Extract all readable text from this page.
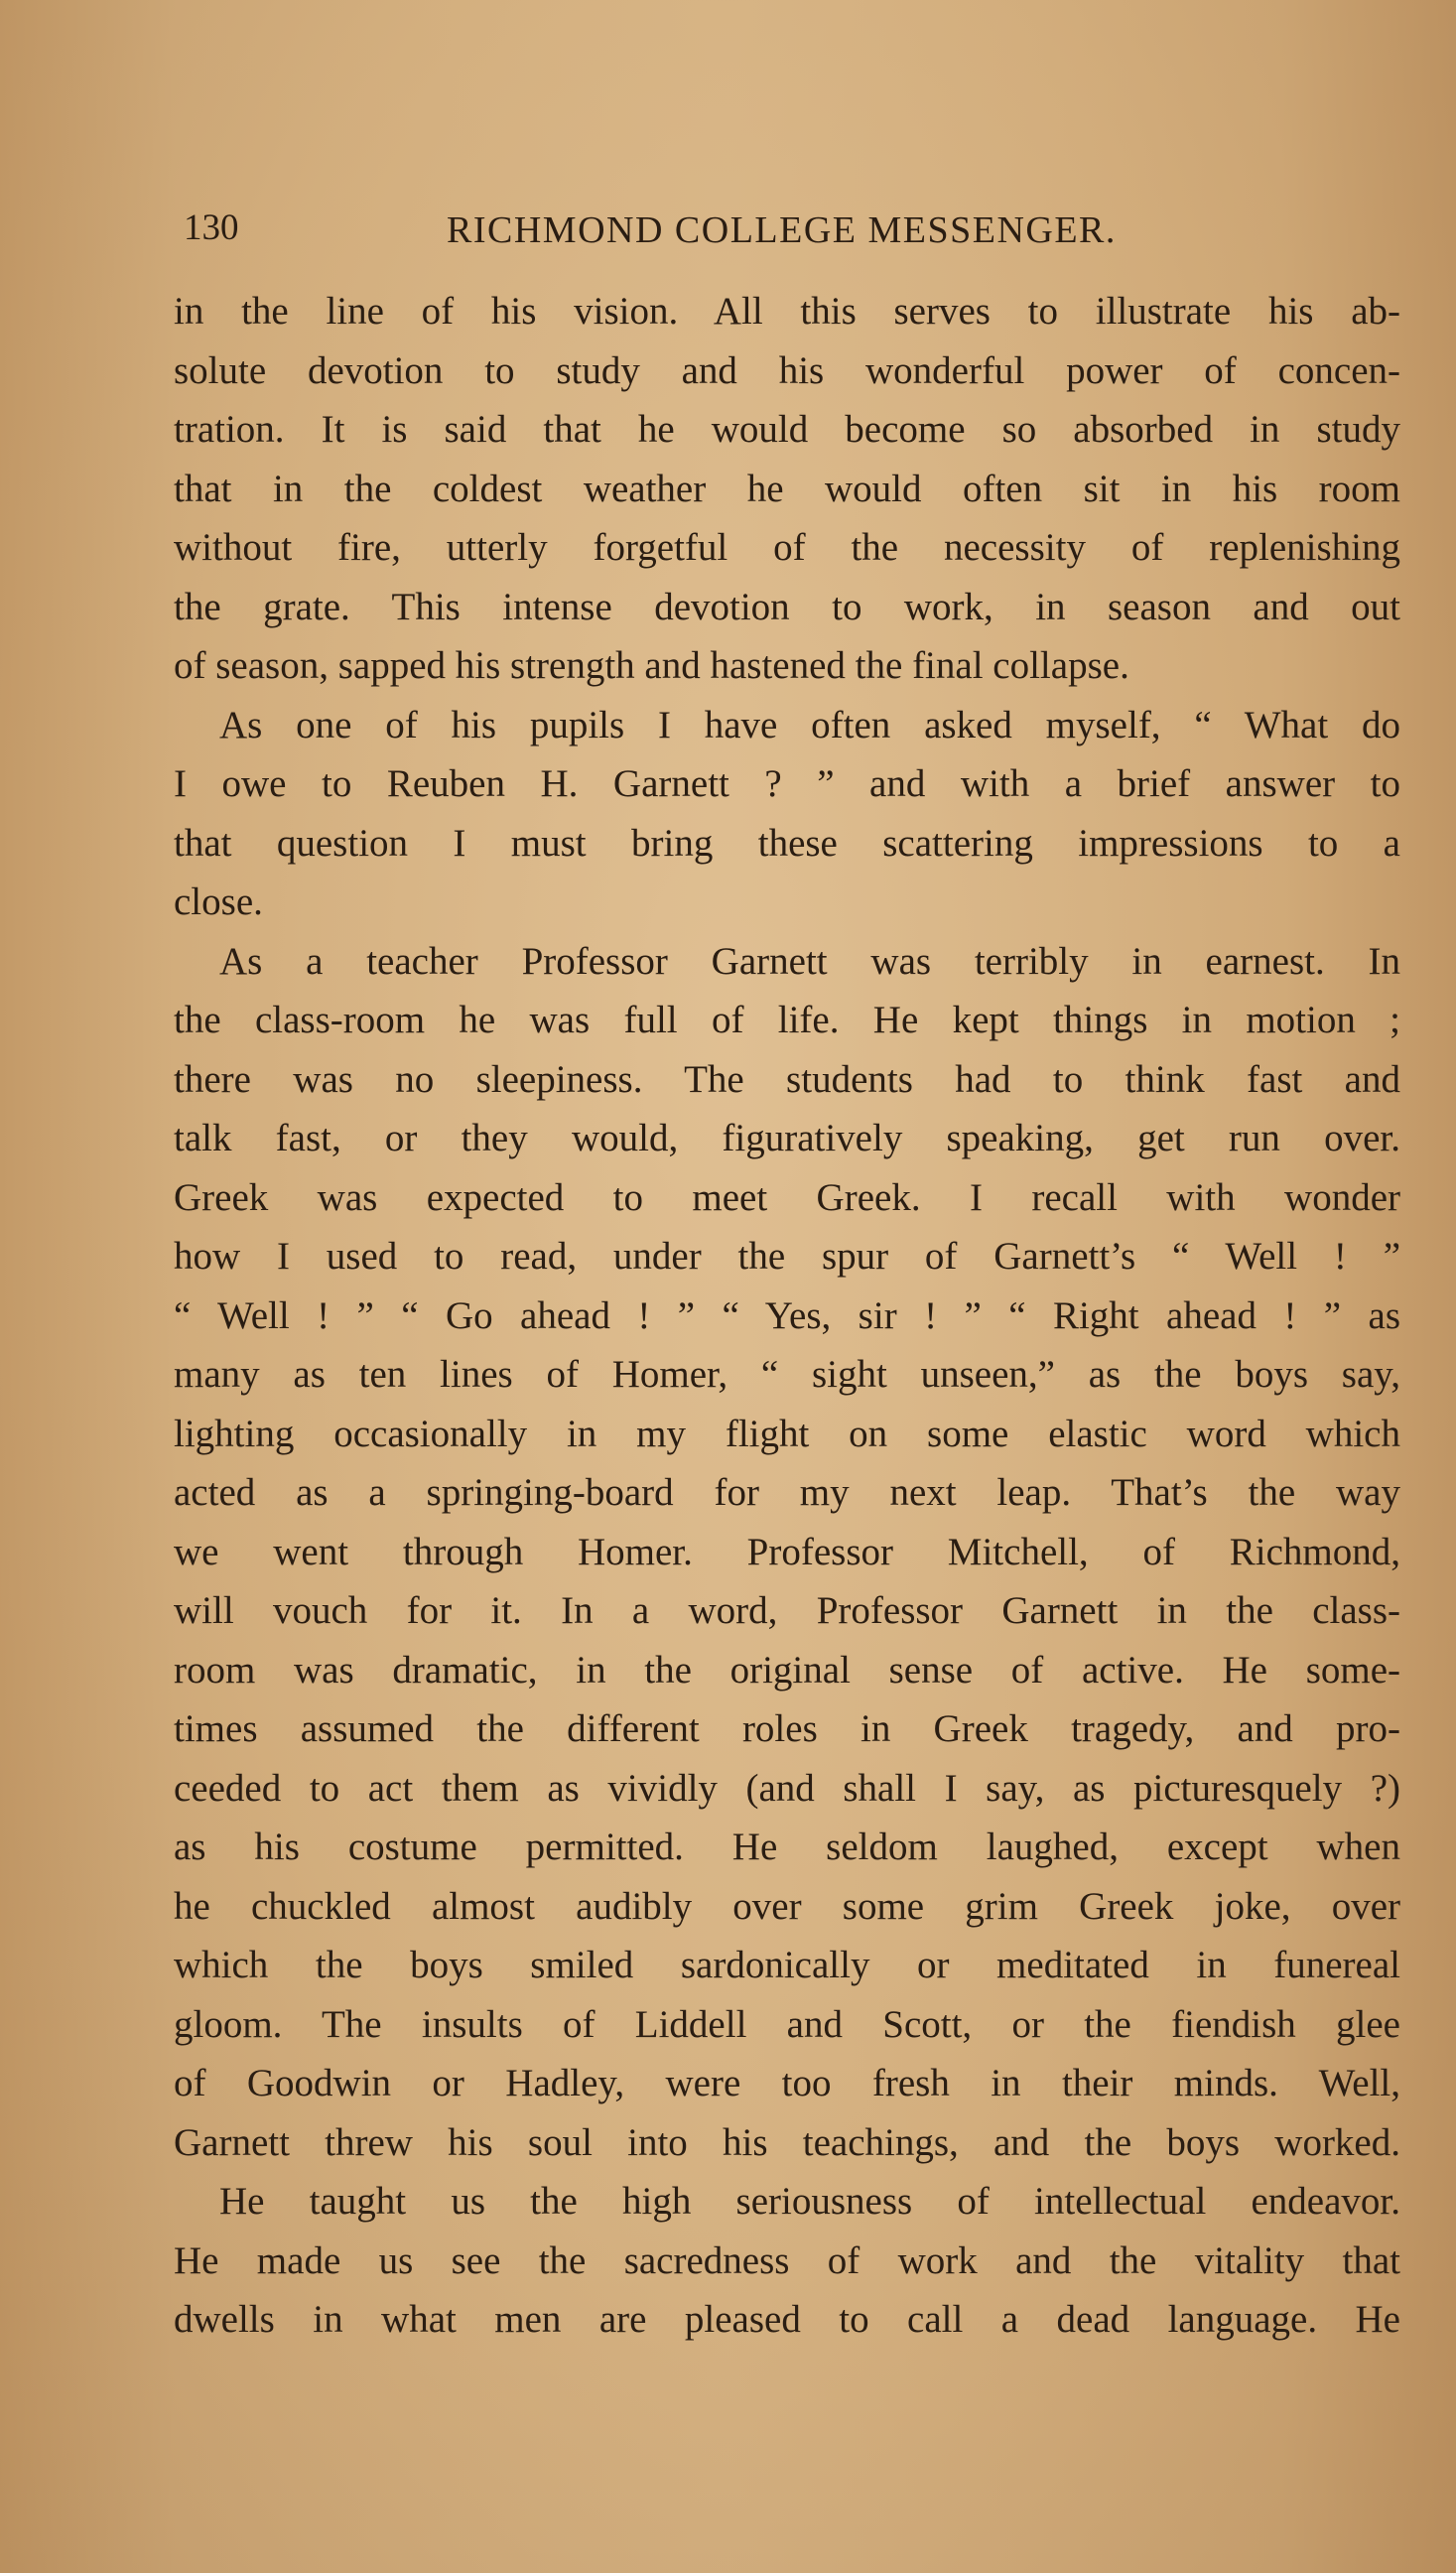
130	RICHMOND COLLEGE MESSENGER.
in the line of his vision. All this serves to illustrate his ab-
solute devotion to study and his wonderful power of concen-
tration. It is said that he would become so absorbed in study
that in the coldest weather he would often sit in his room
without fire, utterly forgetful of the necessity of replenishing
the grate. This intense devotion to work, in season and out
of season, sapped his strength and hastened the final collapse.
As one of his pupils I have often asked myself, “ What do
I owe to Reuben H. Garnett ? ” and with a brief answer to
that question I must bring these scattering impressions to a
close.
As a teacher Professor Garnett was terribly in earnest. In
the class-room he was full of life. He kept things in motion ;
there was no sleepiness. The students had to think fast and
talk fast, or they would, figuratively speaking, get run over.
Greek was expected to meet Greek. I recall with wonder
how I used to read, under the spur of Garnett’s “ Well ! ”
“ Well ! ” “ Go ahead ! ” “ Yes, sir ! ” “ Right ahead ! ” as
many as ten lines of Homer, “ sight unseen,” as the boys say,
lighting occasionally in my flight on some elastic word which
acted as a springing-board for my next leap. That’s the way
we went through Homer. Professor Mitchell, of Richmond,
will vouch for it. In a word, Professor Garnett in the class-
room was dramatic, in the original sense of active. He some-
times assumed the different roles in Greek tragedy, and pro-
ceeded to act them as vividly (and shall I say, as picturesquely ?)
as his costume permitted. He seldom laughed, except when
he chuckled almost audibly over some grim Greek joke, over
which the boys smiled sardonically or meditated in funereal
gloom. The insults of Liddell and Scott, or the fiendish glee
of Goodwin or Hadley, were too fresh in their minds. Well,
Garnett threw his soul into his teachings, and the boys worked.
He taught us the high seriousness of intellectual endeavor.
He made us see the sacredness of work and the vitality that
dwells in what men are pleased to call a dead language. He
